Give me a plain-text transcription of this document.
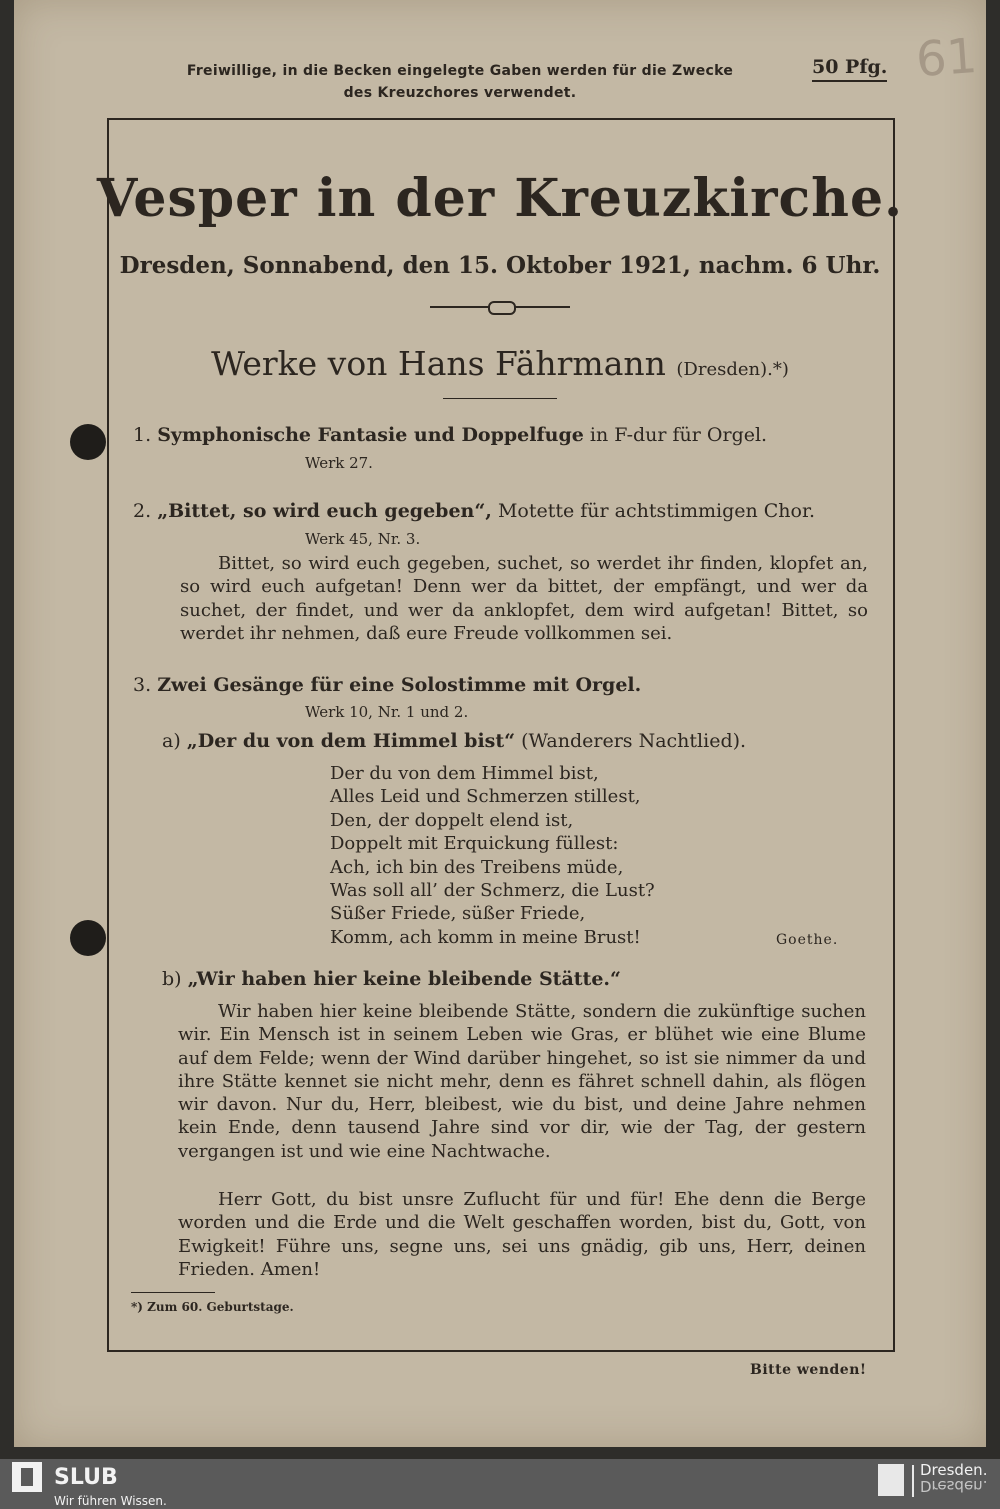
Freiwillige, in die Becken eingelegte Gaben werden für die Zwecke
des Kreuzchores verwendet.
50 Pfg. 61
Vesper in der Kreuzkirche.
Dresden, Sonnabend, den 15. Oktober 1921, nachm. 6 Uhr.
Werke von Hans Fährmann (Dresden).*)
1. Symphonische Fantasie und Doppelfuge in F-dur für Orgel.
Werk 27.
2. „Bittet, so wird euch gegeben“, Motette für achtstimmigen Chor.
Werk 45, Nr. 3.
Bittet, so wird euch gegeben, suchet, so werdet ihr finden, klopfet an, so wird euch aufgetan! Denn wer da bittet, der empfängt, und wer da suchet, der findet, und wer da anklopfet, dem wird aufgetan! Bittet, so werdet ihr nehmen, daß eure Freude vollkommen sei.
3. Zwei Gesänge für eine Solostimme mit Orgel.
Werk 10, Nr. 1 und 2.
a) „Der du von dem Himmel bist“ (Wanderers Nachtlied).
Der du von dem Himmel bist,
Alles Leid und Schmerzen stillest,
Den, der doppelt elend ist,
Doppelt mit Erquickung füllest:
Ach, ich bin des Treibens müde,
Was soll all’ der Schmerz, die Lust?
Süßer Friede, süßer Friede,
Komm, ach komm in meine Brust!	Goethe.
b) „Wir haben hier keine bleibende Stätte.“
Wir haben hier keine bleibende Stätte, sondern die zukünftige suchen wir. Ein Mensch ist in seinem Leben wie Gras, er blühet wie eine Blume auf dem Felde; wenn der Wind darüber hingehet, so ist sie nimmer da und ihre Stätte kennet sie nicht mehr, denn es fähret schnell dahin, als flögen wir davon. Nur du, Herr, bleibest, wie du bist, und deine Jahre nehmen kein Ende, denn tausend Jahre sind vor dir, wie der Tag, der gestern vergangen ist und wie eine Nachtwache.
Herr Gott, du bist unsre Zuflucht für und für! Ehe denn die Berge worden und die Erde und die Welt geschaffen worden, bist du, Gott, von Ewigkeit! Führe uns, segne uns, sei uns gnädig, gib uns, Herr, deinen Frieden. Amen!
*) Zum 60. Geburtstage.
Bitte wenden!
SLUB
Wir führen Wissen.
Dresden.
Dresden.
